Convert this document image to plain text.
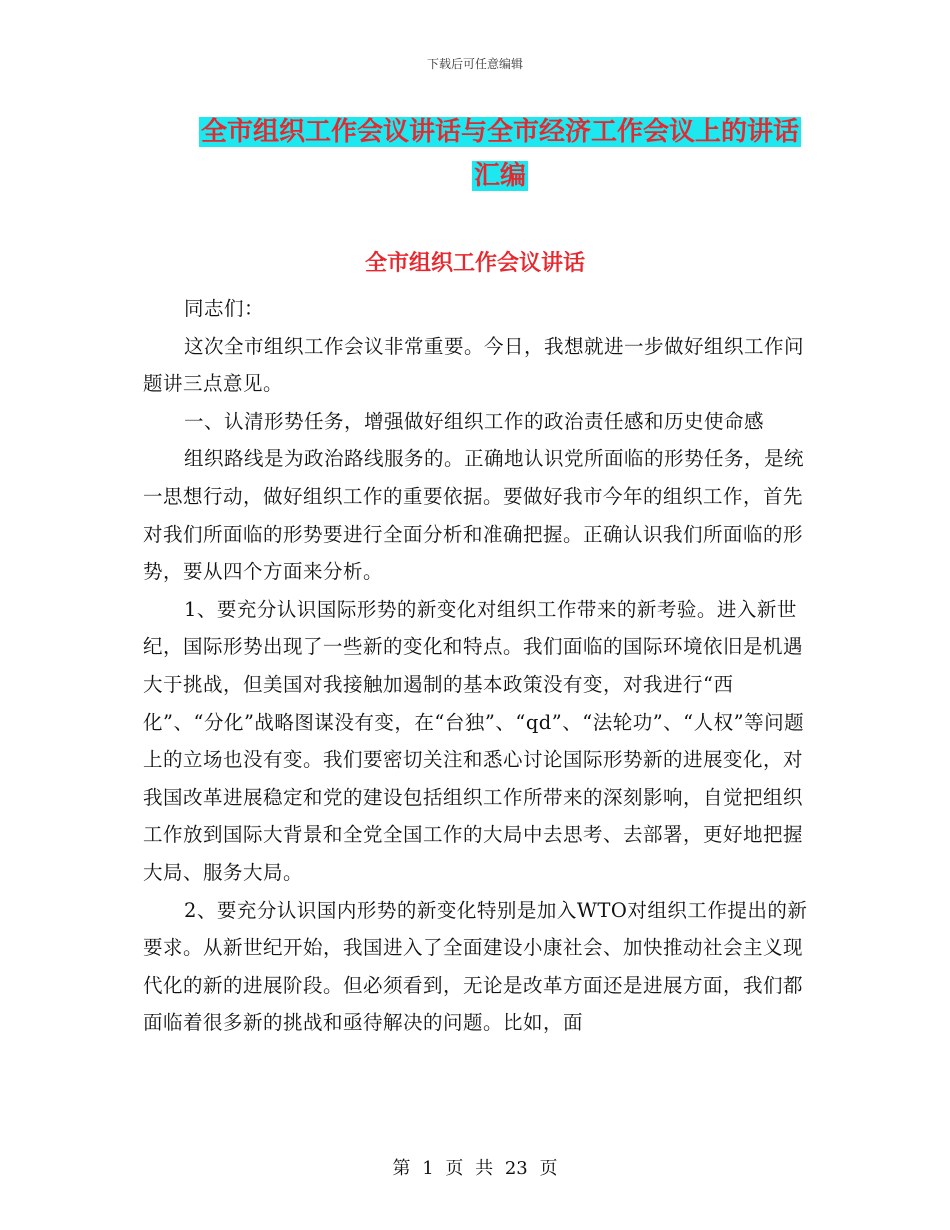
下载后可任意编辑
全市组织工作会议讲话与全市经济工作会议上的讲话
汇编
全市组织工作会议讲话

同志们：

这次全市组织工作会议非常重要。今日，我想就进一步做好组织工作问题讲三点意见。

一、认清形势任务，增强做好组织工作的政治责任感和历史使命感

组织路线是为政治路线服务的。正确地认识党所面临的形势任务，是统一思想行动，做好组织工作的重要依据。要做好我市今年的组织工作，首先对我们所面临的形势要进行全面分析和准确把握。正确认识我们所面临的形势，要从四个方面来分析。

1、要充分认识国际形势的新变化对组织工作带来的新考验。进入新世纪，国际形势出现了一些新的变化和特点。我们面临的国际环境依旧是机遇大于挑战，但美国对我接触加遏制的基本政策没有变，对我进行“西化”、“分化”战略图谋没有变，在“台独”、“qd”、“法轮功”、“人权”等问题上的立场也没有变。我们要密切关注和悉心讨论国际形势新的进展变化，对我国改革进展稳定和党的建设包括组织工作所带来的深刻影响，自觉把组织工作放到国际大背景和全党全国工作的大局中去思考、去部署，更好地把握大局、服务大局。

2、要充分认识国内形势的新变化特别是加入WTO对组织工作提出的新要求。从新世纪开始，我国进入了全面建设小康社会、加快推动社会主义现代化的新的进展阶段。但必须看到，无论是改革方面还是进展方面，我们都面临着很多新的挑战和亟待解决的问题。比如，面

第 1 页 共 23 页
